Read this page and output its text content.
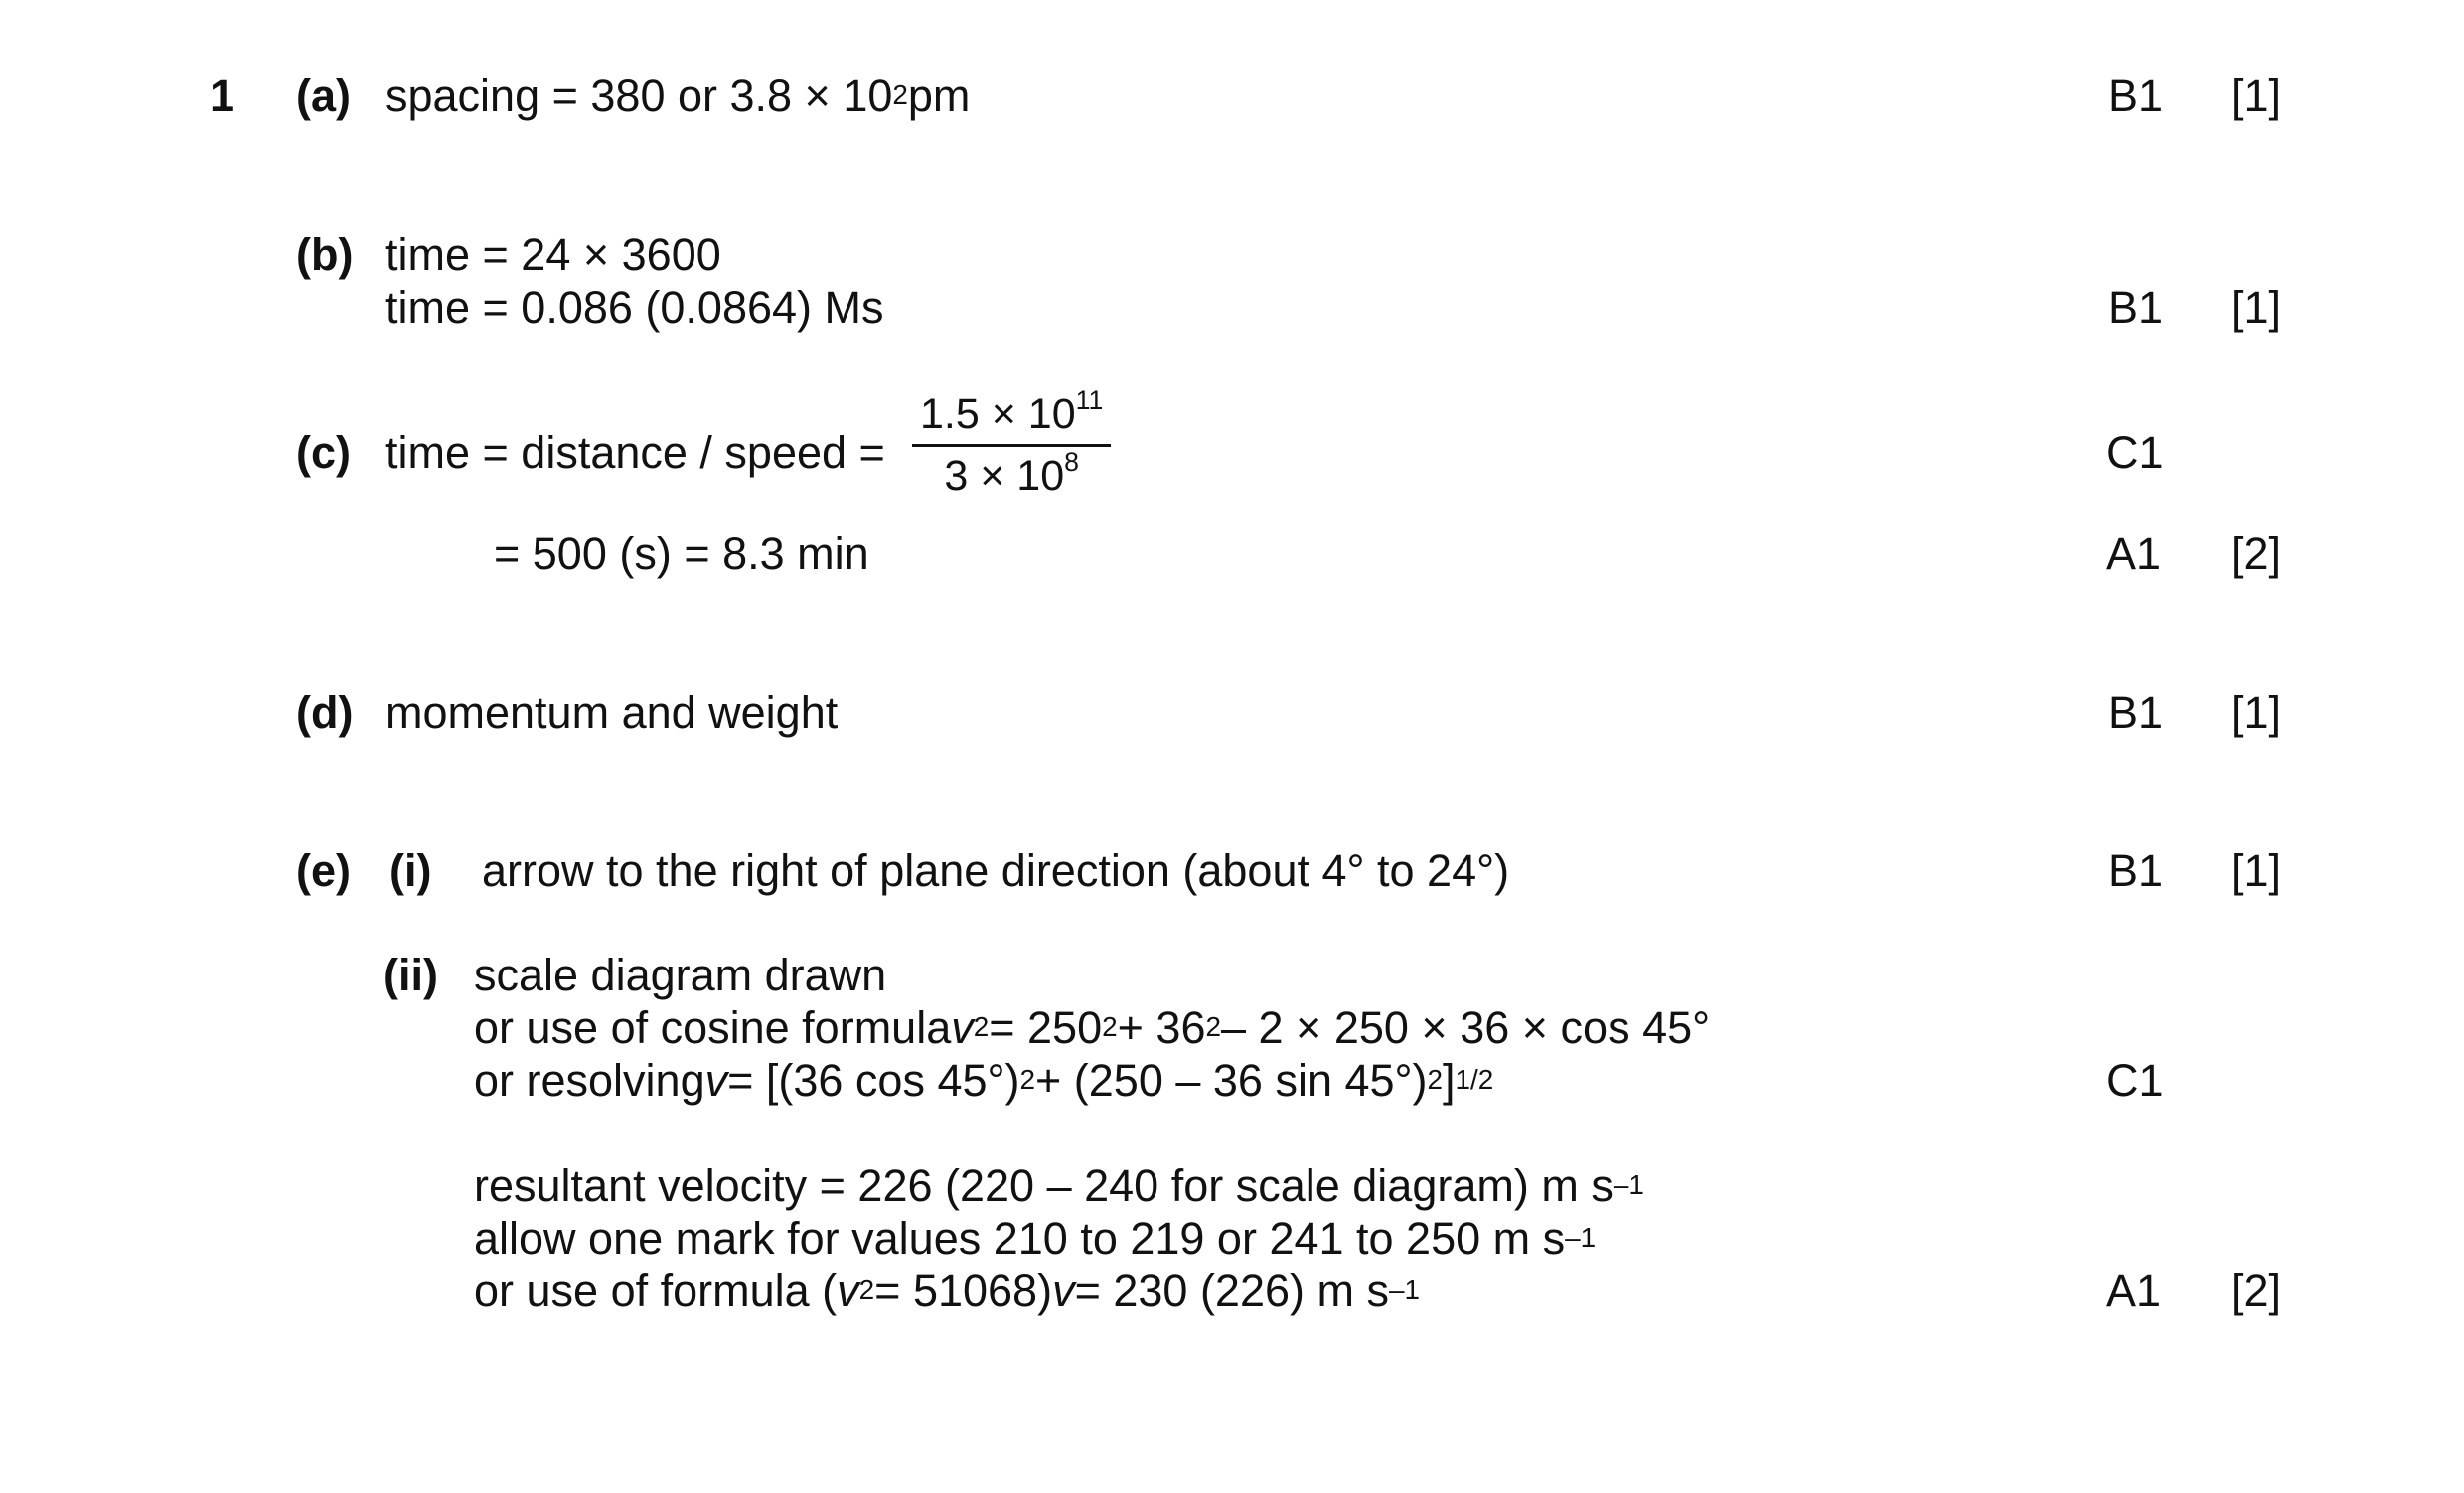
1 (a) spacing = 380 or 3.8 × 10 2 pm	B1 [1]
(b) time = 24 × 3600
time = 0.086 (0.0864) Ms	B1 [1]
(c) time = distance / speed = $\frac{1.5 \times 10^{11}}{3 \times 10^8}$	C1
= 500 (s) = 8.3 min	A1 [2]
(d) momentum and weight	B1 [1]
(e) (i) arrow to the right of plane direction (about 4° to 24°)	B1 [1]
(ii) scale diagram drawn
or use of cosine formula v 2 = 250 2 + 36 2 – 2 × 250 × 36 × cos 45°
or resolving v = [(36 cos 45°) 2 + (250 – 36 sin 45°) 2 ] 1/2	C1
resultant velocity = 226 (220 – 240 for scale diagram) m s –1
allow one mark for values 210 to 219 or 241 to 250 m s –1
or use of formula ( v 2 = 51068) v = 230 (226) m s –1	A1 [2]
